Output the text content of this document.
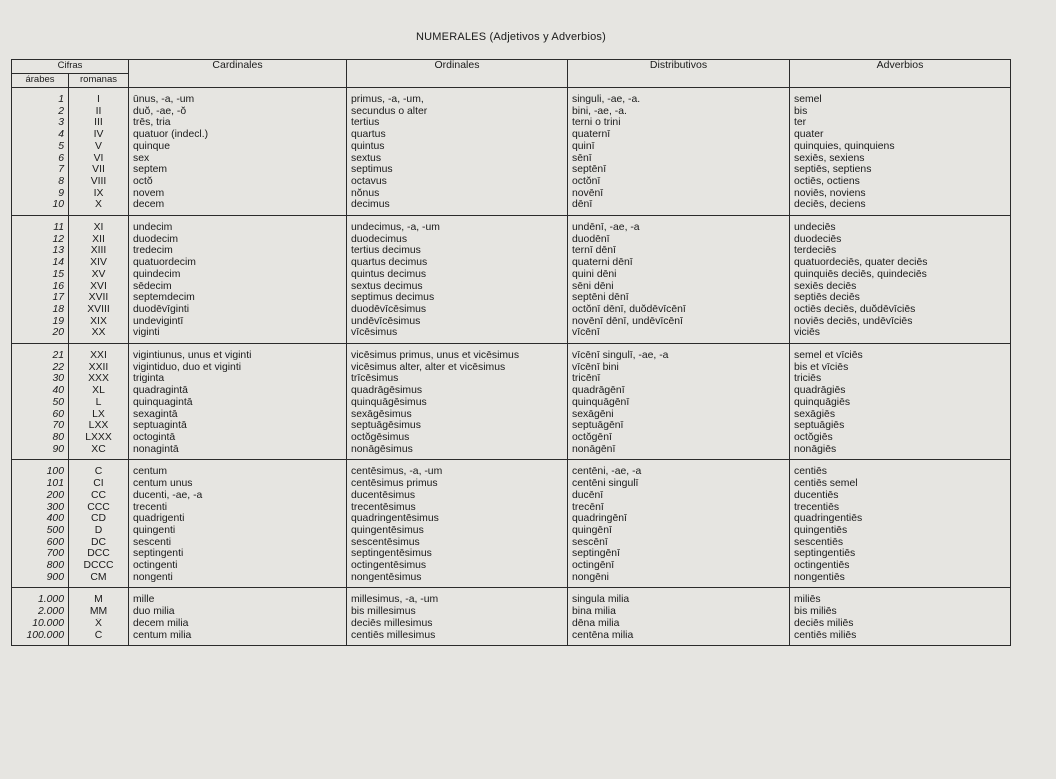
NUMERALES (Adjetivos y Adverbios)
Cifras		Cardinales	Ordinales	Distributivos	Adverbios
árabes	romanas				
1	I	ūnus, -a, -um	primus, -a, -um,	singuli, -ae, -a.	semel
2	II	duŏ, -ae, -ŏ	secundus o alter	bini, -ae, -a.	bis
3	III	trēs, tria	tertius	terni o trini	ter
4	IV	quatuor (indecl.)	quartus	quaternī	quater
5	V	quinque	quintus	quinī	quinquies, quinquiens
6	VI	sex	sextus	sēnī	sexiēs, sexiens
7	VII	septem	septimus	septēnī	septiēs, septiens
8	VIII	octŏ	octavus	octŏnī	octiēs, octiens
9	IX	novem	nŏnus	novēnī	noviēs, noviens
10	X	decem	decimus	dēnī	deciēs, deciens
11	XI	undecim	undecimus, -a, -um	undēnī, -ae, -a	undeciēs
12	XII	duodecim	duodecimus	duodēnī	duodeciēs
13	XIII	tredecim	tertius decimus	ternī dēnī	terdeciēs
14	XIV	quatuordecim	quartus decimus	quaterni dēnī	quatuordeciēs, quater deciēs
15	XV	quindecim	quintus decimus	quini dēni	quinquiēs deciēs, quindeciēs
16	XVI	sēdecim	sextus decimus	sēni dēni	sexiēs deciēs
17	XVII	septemdecim	septimus decimus	septēni dēnī	septiēs deciēs
18	XVIII	duodēvīginti	duodēvīcēsimus	octŏnī dēnī, duŏdēvīcēnī	octiēs deciēs, duŏdēvīciēs
19	XIX	undevigintī	undēvīcēsimus	novēnī dēnī, undēvīcēnī	noviēs deciēs, undēvīciēs
20	XX	viginti	vīcēsimus	vīcēnī	viciēs
21	XXI	vigintiunus, unus et viginti	vicēsimus primus, unus et vicēsimus	vīcēnī singulī, -ae, -a	semel et vīciēs
22	XXII	vigintiduo, duo et viginti	vicēsimus alter, alter et vicēsimus	vīcēnī bini	bis et vīciēs
30	XXX	triginta	trīcēsimus	tricēnī	triciēs
40	XL	quadragintā	quadrāgēsimus	quadrāgēnī	quadrāgiēs
50	L	quinquagintā	quinquāgēsimus	quinquāgēnī	quinquāgiēs
60	LX	sexagintā	sexāgēsimus	sexāgēni	sexāgiēs
70	LXX	septuagintā	septuāgēsimus	septuāgēnī	septuāgiēs
80	LXXX	octogintā	octŏgēsimus	octŏgēnī	octŏgiēs
90	XC	nonagintā	nonāgēsimus	nonāgēnī	nonāgiēs
100	C	centum	centēsimus, -a, -um	centēni, -ae, -a	centiēs
101	CI	centum unus	centēsimus primus	centēni singulī	centiēs semel
200	CC	ducenti, -ae, -a	ducentēsimus	ducēnī	ducentiēs
300	CCC	trecenti	trecentēsimus	trecēnī	trecentiēs
400	CD	quadrigenti	quadringentēsimus	quadringēnī	quadringentiēs
500	D	quingenti	quingentēsimus	quingēnī	quingentiēs
600	DC	sescenti	sescentēsimus	sescēnī	sescentiēs
700	DCC	septingenti	septingentēsimus	septingēnī	septingentiēs
800	DCCC	octingenti	octingentēsimus	octingēnī	octingentiēs
900	CM	nongenti	nongentēsimus	nongēni	nongentiēs
1.000	M	mille	millesimus, -a, -um	singula milia	miliēs
2.000	MM	duo milia	bis millesimus	bina milia	bis miliēs
10.000	X̄	decem milia	deciēs millesimus	dēna milia	deciēs miliēs
100.000	C̄	centum milia	centiēs millesimus	centēna milia	centiēs miliēs
